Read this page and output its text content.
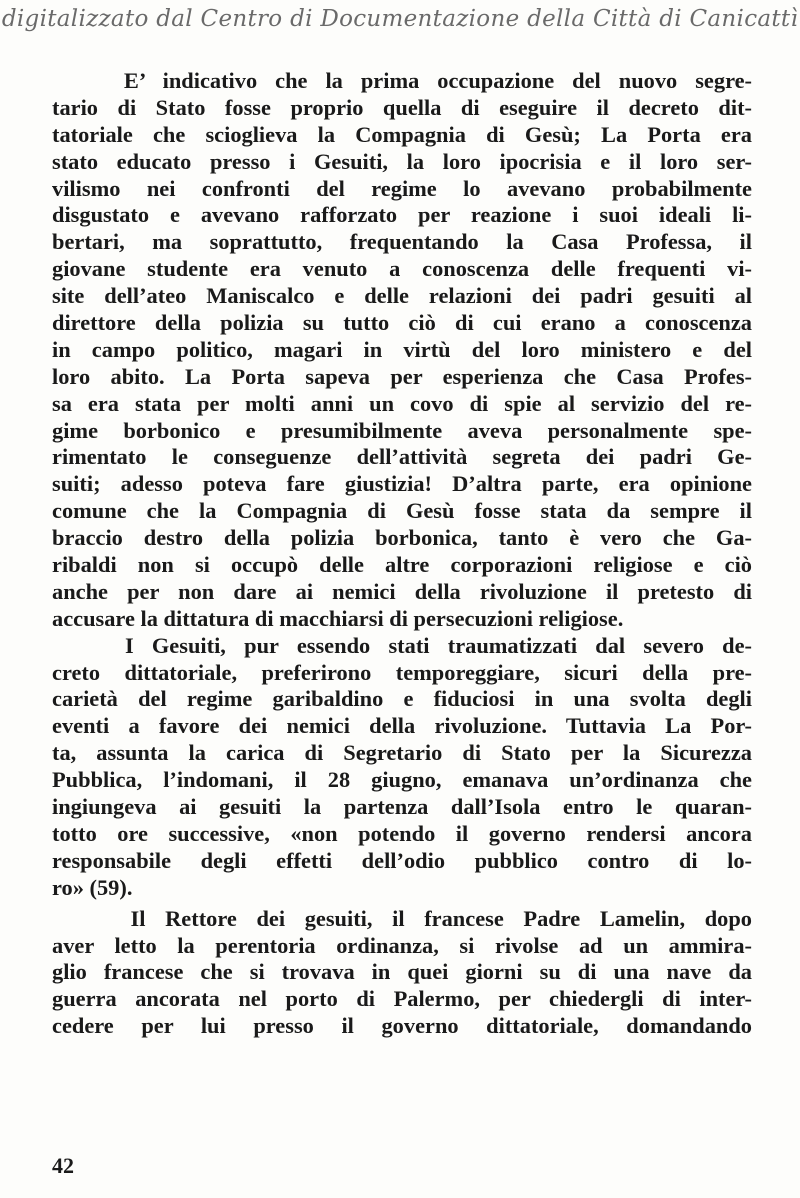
digitalizzato dal Centro di Documentazione della Città di Canicattì
E’ indicativo che la prima occupazione del nuovo segre-
tario di Stato fosse proprio quella di eseguire il decreto dit-
tatoriale che scioglieva la Compagnia di Gesù; La Porta era
stato educato presso i Gesuiti, la loro ipocrisia e il loro ser-
vilismo nei confronti del regime lo avevano probabilmente
disgustato e avevano rafforzato per reazione i suoi ideali li-
bertari, ma soprattutto, frequentando la Casa Professa, il
giovane studente era venuto a conoscenza delle frequenti vi-
site dell’ateo Maniscalco e delle relazioni dei padri gesuiti al
direttore della polizia su tutto ciò di cui erano a conoscenza
in campo politico, magari in virtù del loro ministero e del
loro abito. La Porta sapeva per esperienza che Casa Profes-
sa era stata per molti anni un covo di spie al servizio del re-
gime borbonico e presumibilmente aveva personalmente spe-
rimentato le conseguenze dell’attività segreta dei padri Ge-
suiti; adesso poteva fare giustizia! D’altra parte, era opinione
comune che la Compagnia di Gesù fosse stata da sempre il
braccio destro della polizia borbonica, tanto è vero che Ga-
ribaldi non si occupò delle altre corporazioni religiose e ciò
anche per non dare ai nemici della rivoluzione il pretesto di
accusare la dittatura di macchiarsi di persecuzioni religiose.
I Gesuiti, pur essendo stati traumatizzati dal severo de-
creto dittatoriale, preferirono temporeggiare, sicuri della pre-
carietà del regime garibaldino e fiduciosi in una svolta degli
eventi a favore dei nemici della rivoluzione. Tuttavia La Por-
ta, assunta la carica di Segretario di Stato per la Sicurezza
Pubblica, l’indomani, il 28 giugno, emanava un’ordinanza che
ingiungeva ai gesuiti la partenza dall’Isola entro le quaran-
totto ore successive, «non potendo il governo rendersi ancora
responsabile degli effetti dell’odio pubblico contro di lo-
ro» (59).
Il Rettore dei gesuiti, il francese Padre Lamelin, dopo
aver letto la perentoria ordinanza, si rivolse ad un ammira-
glio francese che si trovava in quei giorni su di una nave da
guerra ancorata nel porto di Palermo, per chiedergli di inter-
cedere per lui presso il governo dittatoriale, domandando
42
